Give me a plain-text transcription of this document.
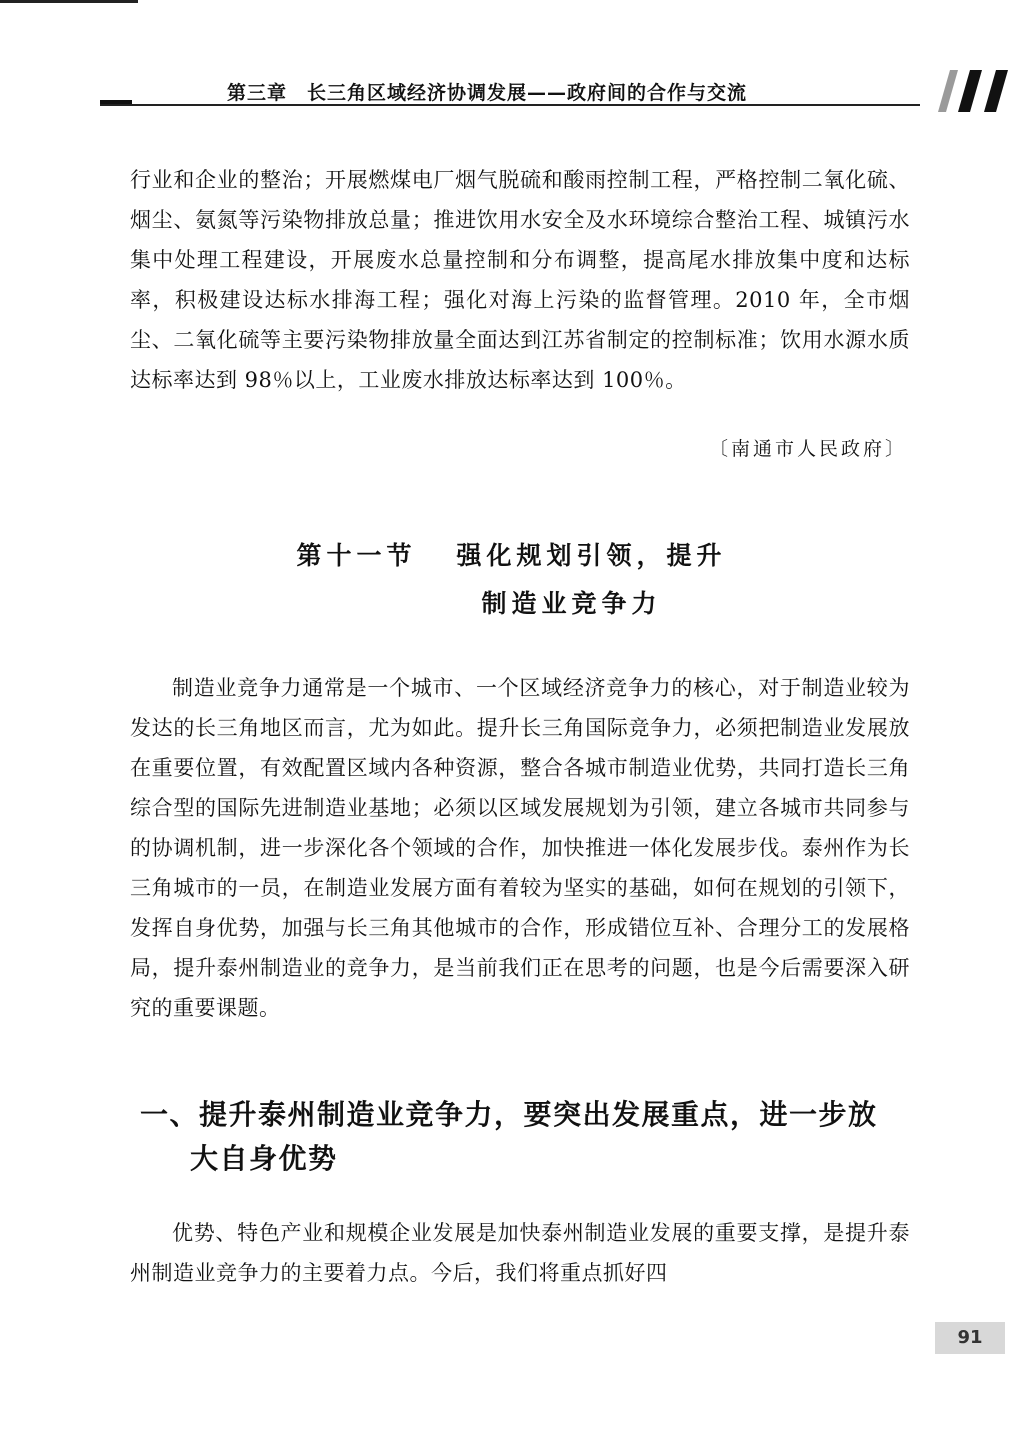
第三章　长三角区域经济协调发展——政府间的合作与交流

行业和企业的整治；开展燃煤电厂烟气脱硫和酸雨控制工程，严格控制二氧化硫、烟尘、氨氮等污染物排放总量；推进饮用水安全及水环境综合整治工程、城镇污水集中处理工程建设，开展废水总量控制和分布调整，提高尾水排放集中度和达标率，积极建设达标水排海工程；强化对海上污染的监督管理。2010 年，全市烟尘、二氧化硫等主要污染物排放量全面达到江苏省制定的控制标准；饮用水源水质达标率达到 98％以上，工业废水排放达标率达到 100％。

〔南通市人民政府〕
第十一节 强化规划引领，提升
制造业竞争力

制造业竞争力通常是一个城市、一个区域经济竞争力的核心，对于制造业较为发达的长三角地区而言，尤为如此。提升长三角国际竞争力，必须把制造业发展放在重要位置，有效配置区域内各种资源，整合各城市制造业优势，共同打造长三角综合型的国际先进制造业基地；必须以区域发展规划为引领，建立各城市共同参与的协调机制，进一步深化各个领域的合作，加快推进一体化发展步伐。泰州作为长三角城市的一员，在制造业发展方面有着较为坚实的基础，如何在规划的引领下，发挥自身优势，加强与长三角其他城市的合作，形成错位互补、合理分工的发展格局，提升泰州制造业的竞争力，是当前我们正在思考的问题，也是今后需要深入研究的重要课题。

一、提升泰州制造业竞争力，要突出发展重点，进一步放
大自身优势

优势、特色产业和规模企业发展是加快泰州制造业发展的重要支撑，是提升泰州制造业竞争力的主要着力点。今后，我们将重点抓好四

91
